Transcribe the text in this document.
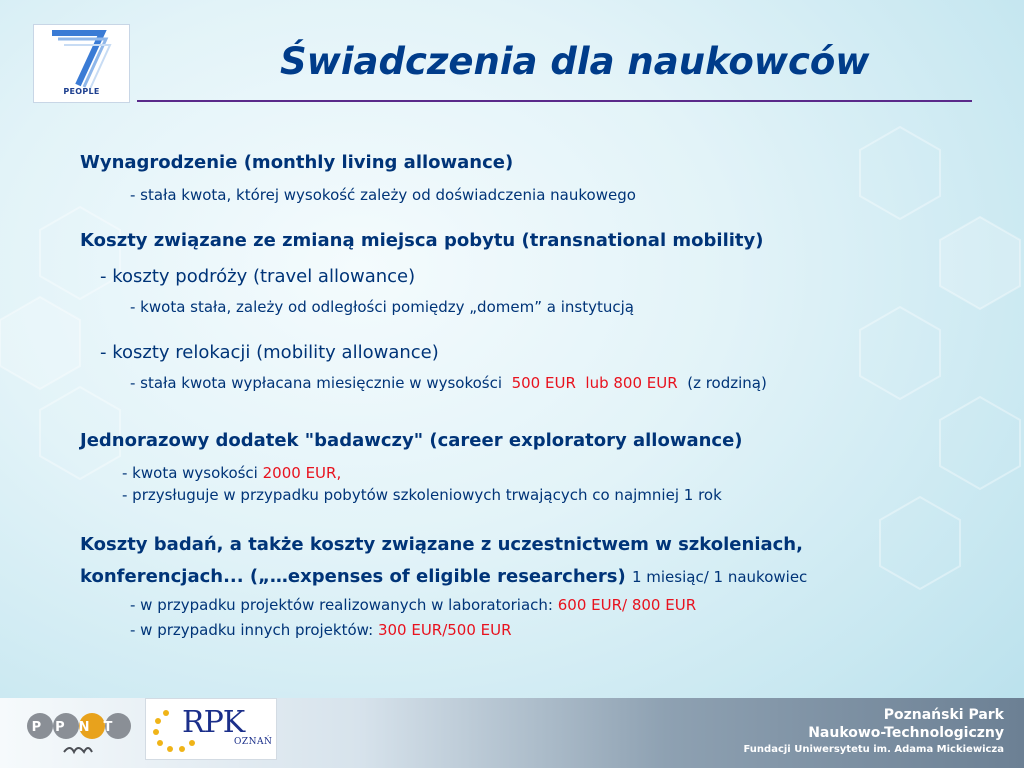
PEOPLE
Świadczenia dla naukowców

Wynagrodzenie (monthly living allowance)

- stała kwota, której wysokość zależy od doświadczenia naukowego

Koszty związane ze zmianą miejsca pobytu (transnational mobility)

- koszty podróży (travel allowance)

- kwota stała, zależy od odległości pomiędzy „domem” a instytucją

- koszty relokacji (mobility allowance)

- stała kwota wypłacana miesięcznie w wysokości 500 EUR lub 800 EUR (z rodziną)

Jednorazowy dodatek "badawczy" (career exploratory allowance)

- kwota wysokości 2000 EUR,

- przysługuje w przypadku pobytów szkoleniowych trwających co najmniej 1 rok

Koszty badań, a także koszty związane z uczestnictwem w szkoleniach,

konferencjach... („…expenses of eligible researchers) 1 miesiąc/ 1 naukowiec

- w przypadku projektów realizowanych w laboratoriach: 600 EUR/ 800 EUR

- w przypadku innych projektów: 300 EUR/500 EUR

PPNT RPK
OZNAŃ
Poznański Park
Naukowo-Technologiczny
Fundacji Uniwersytetu im. Adama Mickiewicza
